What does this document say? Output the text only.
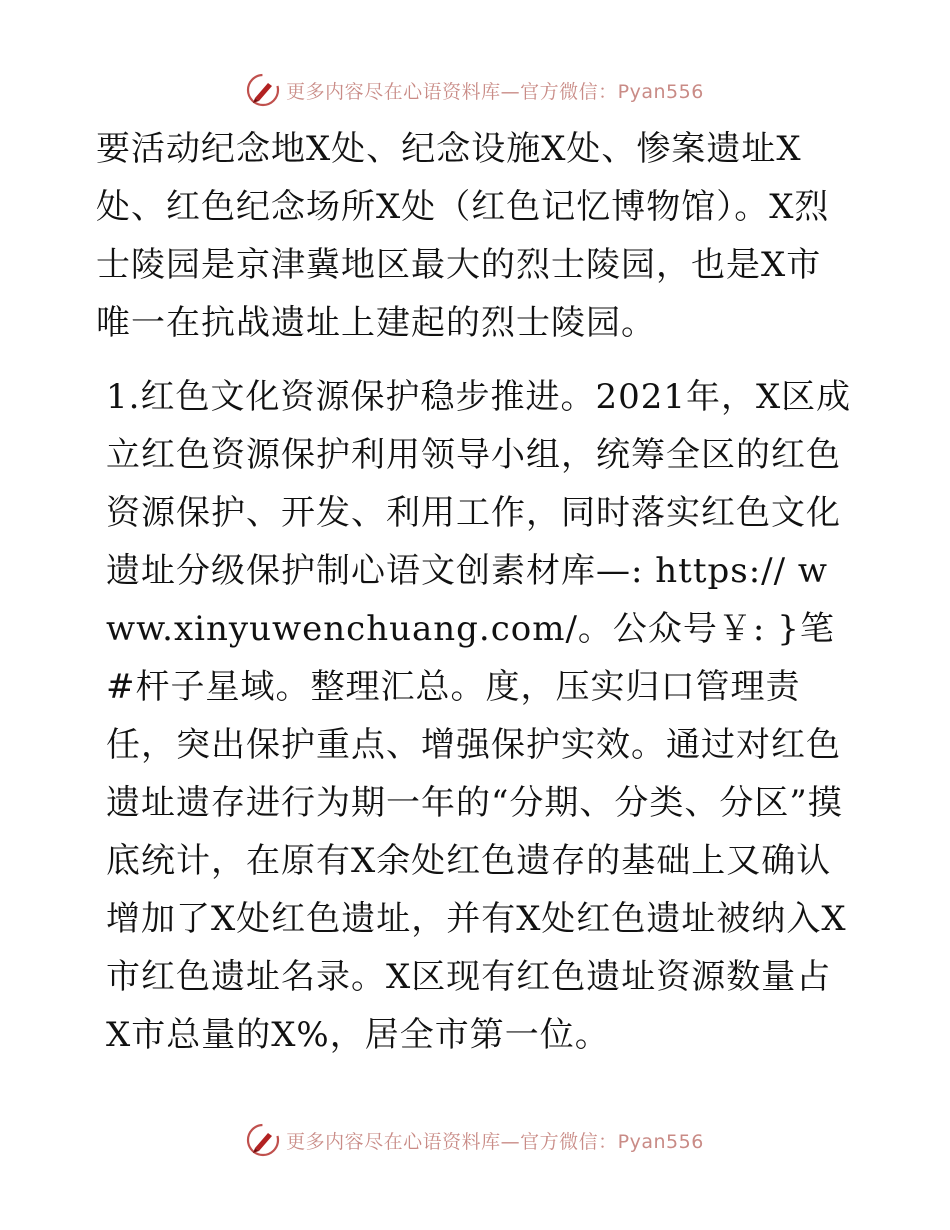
更多内容尽在心语资料库—官方微信：Pyan556

要活动纪念地X处、纪念设施X处、惨案遗址X处、红色纪念场所X处（红色记忆博物馆）。X烈士陵园是京津冀地区最大的烈士陵园，也是X市唯一在抗战遗址上建起的烈士陵园。

1.红色文化资源保护稳步推进。2021年，X区成立红色资源保护利用领导小组，统筹全区的红色资源保护、开发、利用工作，同时落实红色文化遗址分级保护制心语文创素材库—: https:// www.xinyuwenchuang.com/。公众号￥: }笔#杆子星域。整理汇总。度，压实归口管理责任，突出保护重点、增强保护实效。通过对红色遗址遗存进行为期一年的“分期、分类、分区”摸底统计，在原有X余处红色遗存的基础上又确认增加了X处红色遗址，并有X处红色遗址被纳入X市红色遗址名录。X区现有红色遗址资源数量占X市总量的X%，居全市第一位。

更多内容尽在心语资料库—官方微信：Pyan556
